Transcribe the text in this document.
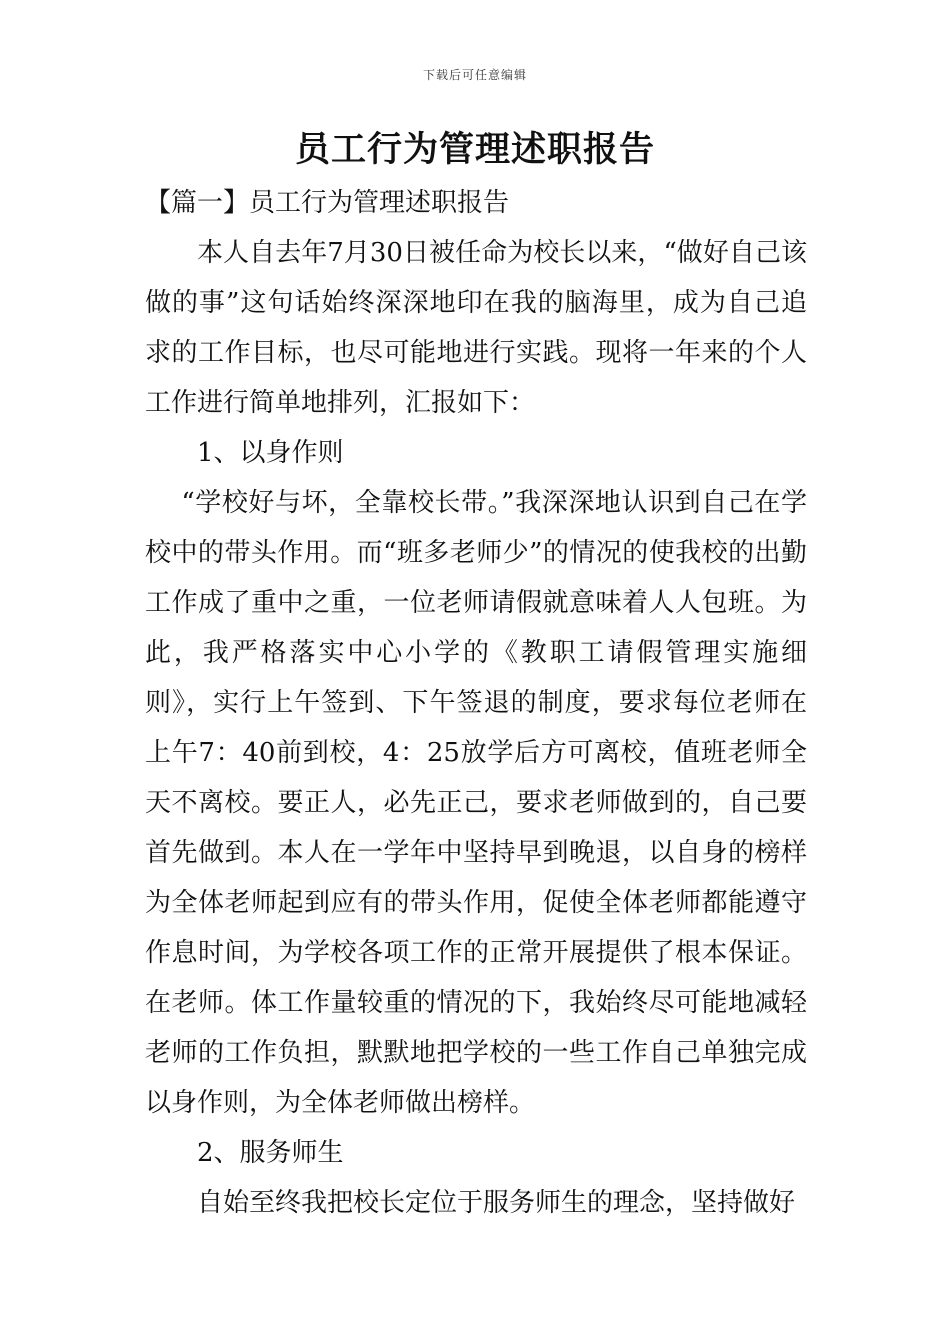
下载后可任意编辑
员工行为管理述职报告

【篇一】员工行为管理述职报告

本人自去年7月30日被任命为校长以来，“做好自己该做的事”这句话始终深深地印在我的脑海里，成为自己追求的工作目标，也尽可能地进行实践。现将一年来的个人工作进行简单地排列，汇报如下：

1、以身作则

“学校好与坏，全靠校长带。”我深深地认识到自己在学校中的带头作用。而“班多老师少”的情况的使我校的出勤工作成了重中之重，一位老师请假就意味着人人包班。为此，我严格落实中心小学的《教职工请假管理实施细则》，实行上午签到、下午签退的制度，要求每位老师在上午7：40前到校，4：25放学后方可离校，值班老师全天不离校。要正人，必先正己，要求老师做到的，自己要首先做到。本人在一学年中坚持早到晚退，以自身的榜样为全体老师起到应有的带头作用，促使全体老师都能遵守作息时间，为学校各项工作的正常开展提供了根本保证。在老师。体工作量较重的情况的下，我始终尽可能地减轻老师的工作负担，默默地把学校的一些工作自己单独完成以身作则，为全体老师做出榜样。

2、服务师生

自始至终我把校长定位于服务师生的理念，坚持做好
